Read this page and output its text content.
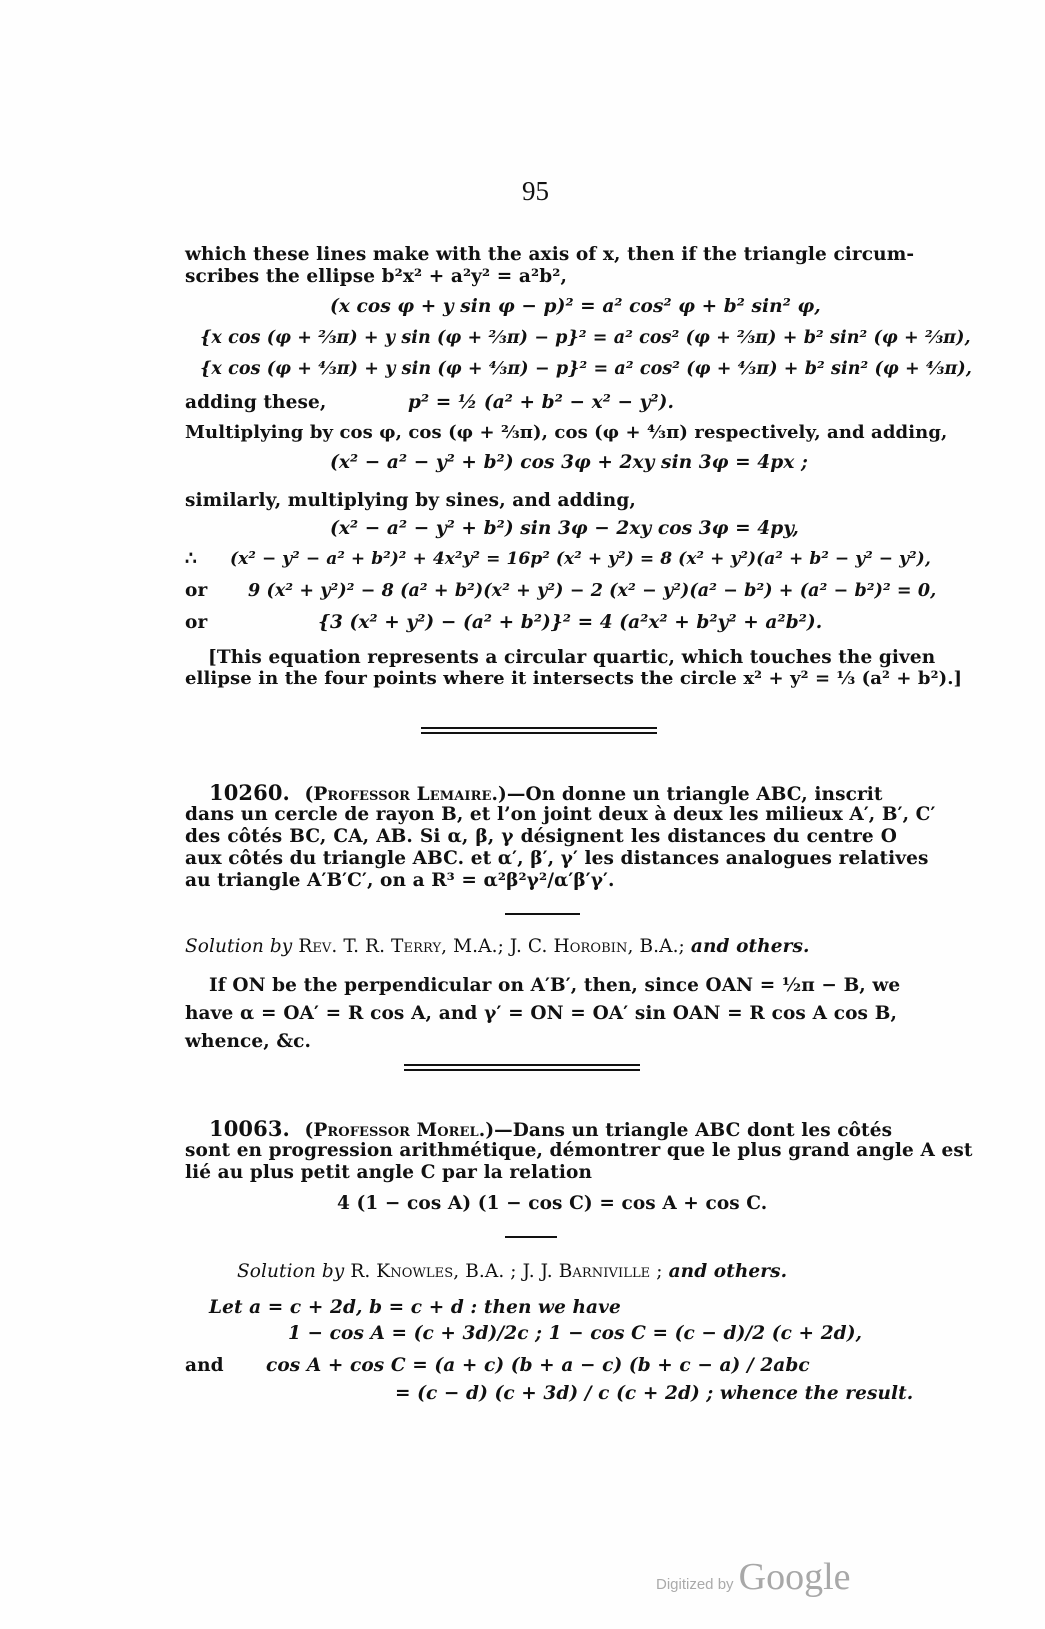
95
which these lines make with the axis of x, then if the triangle circum-
scribes the ellipse b²x² + a²y² = a²b²,
(x cos φ + y sin φ − p)² = a² cos² φ + b² sin² φ,
{x cos (φ + ⅔π) + y sin (φ + ⅔π) − p}² = a² cos² (φ + ⅔π) + b² sin² (φ + ⅔π),
{x cos (φ + ⁴⁄₃π) + y sin (φ + ⁴⁄₃π) − p}² = a² cos² (φ + ⁴⁄₃π) + b² sin² (φ + ⁴⁄₃π),
adding these,	p² = ½ (a² + b² − x² − y²).
Multiplying by cos φ, cos (φ + ⅔π), cos (φ + ⁴⁄₃π) respectively, and adding,
(x² − a² − y² + b²) cos 3φ + 2xy sin 3φ = 4px ;
similarly, multiplying by sines, and adding,
(x² − a² − y² + b²) sin 3φ − 2xy cos 3φ = 4py,
∴ (x² − y² − a² + b²)² + 4x²y² = 16p² (x² + y²) = 8 (x² + y²)(a² + b² − y² − y²),
or 9 (x² + y²)² − 8 (a² + b²)(x² + y²) − 2 (x² − y²)(a² − b²) + (a² − b²)² = 0,
or	{3 (x² + y²) − (a² + b²)}² = 4 (a²x² + b²y² + a²b²).
[This equation represents a circular quartic, which touches the given
ellipse in the four points where it intersects the circle x² + y² = ⅓ (a² + b²).]
10260. (Professor Lemaire.)—On donne un triangle ABC, inscrit
dans un cercle de rayon B, et l’on joint deux à deux les milieux A′, B′, C′
des côtés BC, CA, AB. Si α, β, γ désignent les distances du centre O
aux côtés du triangle ABC. et α′, β′, γ′ les distances analogues relatives
au triangle A′B′C′, on a R³ = α²β²γ²/α′β′γ′.
Solution by Rev. T. R. Terry, M.A.; J. C. Horobin, B.A.; and others.
If ON be the perpendicular on A′B′, then, since OAN = ½π − B, we
have α = OA′ = R cos A, and γ′ = ON = OA′ sin OAN = R cos A cos B,
whence, &c.
10063. (Professor Morel.)—Dans un triangle ABC dont les côtés
sont en progression arithmétique, démontrer que le plus grand angle A est
lié au plus petit angle C par la relation
4 (1 − cos A) (1 − cos C) = cos A + cos C.
Solution by R. Knowles, B.A. ; J. J. Barniville ; and others.
Let a = c + 2d, b = c + d : then we have
1 − cos A = (c + 3d)/2c ; 1 − cos C = (c − d)/2 (c + 2d),
and cos A + cos C = (a + c) (b + a − c) (b + c − a) / 2abc
= (c − d) (c + 3d) / c (c + 2d) ; whence the result.
Digitized by Google
